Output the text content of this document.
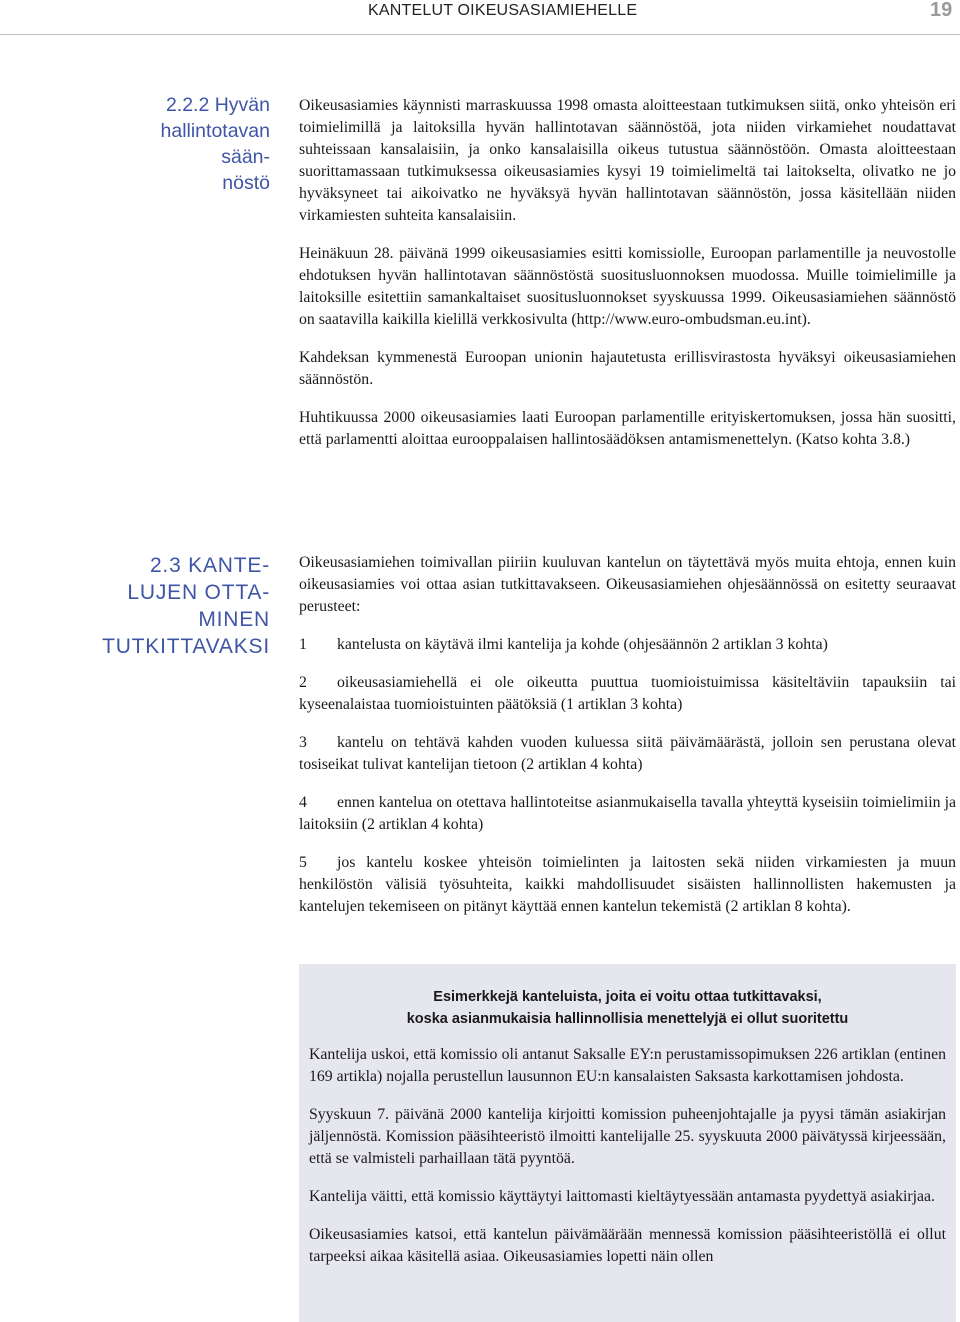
KANTELUT OIKEUSASIAMIEHELLE	19
2.2.2 Hyvän
hallintotavan sään-
nöstö

Oikeusasiamies käynnisti marraskuussa 1998 omasta aloitteestaan tutkimuksen siitä, onko yhteisön eri toimielimillä ja laitoksilla hyvän hallintotavan säännöstöä, jota niiden virkamiehet noudattavat suhteissaan kansalaisiin, ja onko kansalaisilla oikeus tutustua säännöstöön. Omasta aloitteestaan suorittamassaan tutkimuksessa oikeusasiamies kysyi 19 toimielimeltä tai laitokselta, olivatko ne jo hyväksyneet tai aikoivatko ne hyväksyä hyvän hallintotavan säännöstön, jossa käsitellään niiden virkamiesten suhteita kansalaisiin.

Heinäkuun 28. päivänä 1999 oikeusasiamies esitti komissiolle, Euroopan parlamentille ja neuvostolle ehdotuksen hyvän hallintotavan säännöstöstä suositusluonnoksen muodossa. Muille toimielimille ja laitoksille esitettiin samankaltaiset suositusluonnokset syyskuussa 1999. Oikeusasiamiehen säännöstö on saatavilla kaikilla kielillä verkkosivulta (http://www.euro-ombudsman.eu.int).

Kahdeksan kymmenestä Euroopan unionin hajautetusta erillisvirastosta hyväksyi oikeusasiamiehen säännöstön.

Huhtikuussa 2000 oikeusasiamies laati Euroopan parlamentille erityiskertomuksen, jossa hän suositti, että parlamentti aloittaa eurooppalaisen hallintosäädöksen antamismenettelyn. (Katso kohta 3.8.)

2.3 KANTE-
LUJEN OTTA-
MINEN
TUTKITTAVAKSI

Oikeusasiamiehen toimivallan piiriin kuuluvan kantelun on täytettävä myös muita ehtoja, ennen kuin oikeusasiamies voi ottaa asian tutkittavakseen. Oikeusasiamiehen ohjesäännössä on esitetty seuraavat perusteet:

1 kantelusta on käytävä ilmi kantelija ja kohde (ohjesäännön 2 artiklan 3 kohta)

2 oikeusasiamiehellä ei ole oikeutta puuttua tuomioistuimissa käsiteltäviin tapauksiin tai kyseenalaistaa tuomioistuinten päätöksiä (1 artiklan 3 kohta)

3 kantelu on tehtävä kahden vuoden kuluessa siitä päivämäärästä, jolloin sen perustana olevat tosiseikat tulivat kantelijan tietoon (2 artiklan 4 kohta)

4 ennen kantelua on otettava hallintoteitse asianmukaisella tavalla yhteyttä kyseisiin toimielimiin ja laitoksiin (2 artiklan 4 kohta)

5 jos kantelu koskee yhteisön toimielinten ja laitosten sekä niiden virkamiesten ja muun henkilöstön välisiä työsuhteita, kaikki mahdollisuudet sisäisten hallinnollisten hakemusten ja kantelujen tekemiseen on pitänyt käyttää ennen kantelun tekemistä (2 artiklan 8 kohta).

Esimerkkejä kanteluista, joita ei voitu ottaa tutkittavaksi,
koska asianmukaisia hallinnollisia menettelyjä ei ollut suoritettu

Kantelija uskoi, että komissio oli antanut Saksalle EY:n perustamissopimuksen 226 artiklan (entinen 169 artikla) nojalla perustellun lausunnon EU:n kansalaisten Saksasta karkottamisen johdosta.

Syyskuun 7. päivänä 2000 kantelija kirjoitti komission puheenjohtajalle ja pyysi tämän asiakirjan jäljennöstä. Komission pääsihteeristö ilmoitti kantelijalle 25. syyskuuta 2000 päivätyssä kirjeessään, että se valmisteli parhaillaan tätä pyyntöä.

Kantelija väitti, että komissio käyttäytyi laittomasti kieltäytyessään antamasta pyydettyä asiakirjaa.

Oikeusasiamies katsoi, että kantelun päivämäärään mennessä komission pääsihteeristöllä ei ollut tarpeeksi aikaa käsitellä asiaa. Oikeusasiamies lopetti näin ollen
